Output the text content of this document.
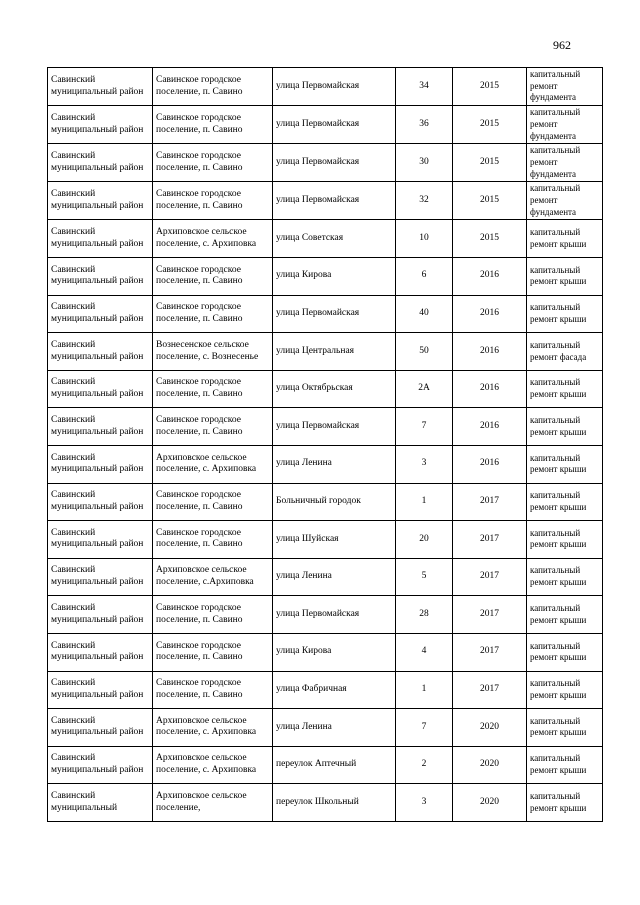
962
Савинский муниципальный район	Савинское городское поселение, п. Савино	улица Первомайская	34	2015	капитальный ремонт фундамента
Савинский муниципальный район	Савинское городское поселение, п. Савино	улица Первомайская	36	2015	капитальный ремонт фундамента
Савинский муниципальный район	Савинское городское поселение, п. Савино	улица Первомайская	30	2015	капитальный ремонт фундамента
Савинский муниципальный район	Савинское городское поселение, п. Савино	улица Первомайская	32	2015	капитальный ремонт фундамента
Савинский муниципальный район	Архиповское сельское поселение, с. Архиповка	улица Советская	10	2015	капитальный ремонт крыши
Савинский муниципальный район	Савинское городское поселение, п. Савино	улица Кирова	6	2016	капитальный ремонт крыши
Савинский муниципальный район	Савинское городское поселение, п. Савино	улица Первомайская	40	2016	капитальный ремонт крыши
Савинский муниципальный район	Вознесенское сельское поселение, с. Вознесенье	улица Центральная	50	2016	капитальный ремонт фасада
Савинский муниципальный район	Савинское городское поселение, п. Савино	улица Октябрьская	2А	2016	капитальный ремонт крыши
Савинский муниципальный район	Савинское городское поселение, п. Савино	улица Первомайская	7	2016	капитальный ремонт крыши
Савинский муниципальный район	Архиповское сельское поселение, с. Архиповка	улица Ленина	3	2016	капитальный ремонт крыши
Савинский муниципальный район	Савинское городское поселение, п. Савино	Больничный городок	1	2017	капитальный ремонт крыши
Савинский муниципальный район	Савинское городское поселение, п. Савино	улица Шуйская	20	2017	капитальный ремонт крыши
Савинский муниципальный район	Архиповское сельское поселение, с.Архиповка	улица Ленина	5	2017	капитальный ремонт крыши
Савинский муниципальный район	Савинское городское поселение, п. Савино	улица Первомайская	28	2017	капитальный ремонт крыши
Савинский муниципальный район	Савинское городское поселение, п. Савино	улица Кирова	4	2017	капитальный ремонт крыши
Савинский муниципальный район	Савинское городское поселение, п. Савино	улица Фабричная	1	2017	капитальный ремонт крыши
Савинский муниципальный район	Архиповское сельское поселение, с. Архиповка	улица Ленина	7	2020	капитальный ремонт крыши
Савинский муниципальный район	Архиповское сельское поселение, с. Архиповка	переулок Аптечный	2	2020	капитальный ремонт крыши
Савинский муниципальный	Архиповское сельское поселение,	переулок Школьный	3	2020	капитальный ремонт крыши
